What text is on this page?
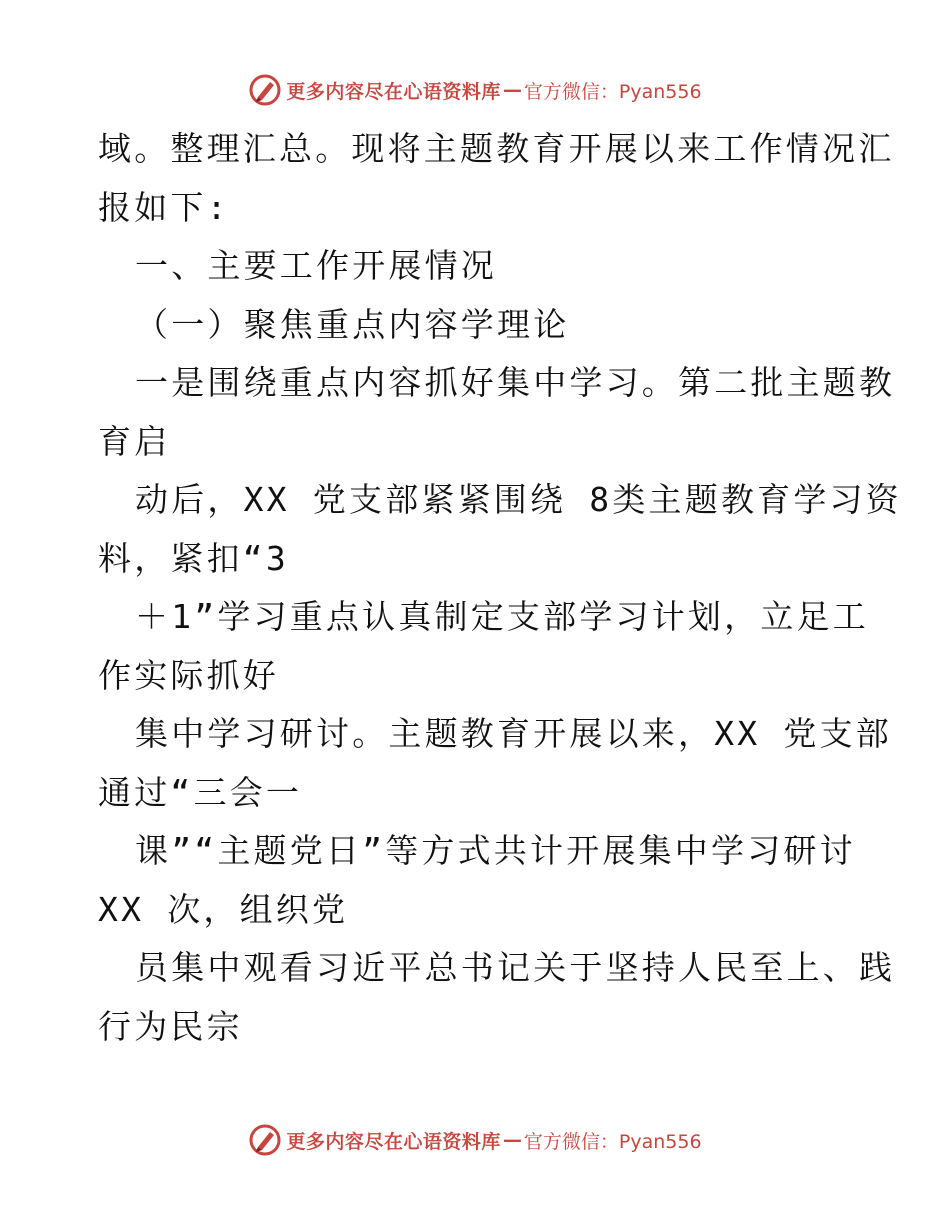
更多内容尽在心语资料库 — 官方微信：Pyan556
域。整理汇总。现将主题教育开展以来工作情况汇
报如下:
一、主要工作开展情况
（一）聚焦重点内容学理论
一是围绕重点内容抓好集中学习。第二批主题教
育启
动后，XX 党支部紧紧围绕 8类主题教育学习资
料，紧扣“3
＋1”学习重点认真制定支部学习计划，立足工
作实际抓好
集中学习研讨。主题教育开展以来，XX 党支部
通过“三会一
课”“主题党日”等方式共计开展集中学习研讨
XX 次，组织党
员集中观看习近平总书记关于坚持人民至上、践
行为民宗
更多内容尽在心语资料库 — 官方微信：Pyan556
